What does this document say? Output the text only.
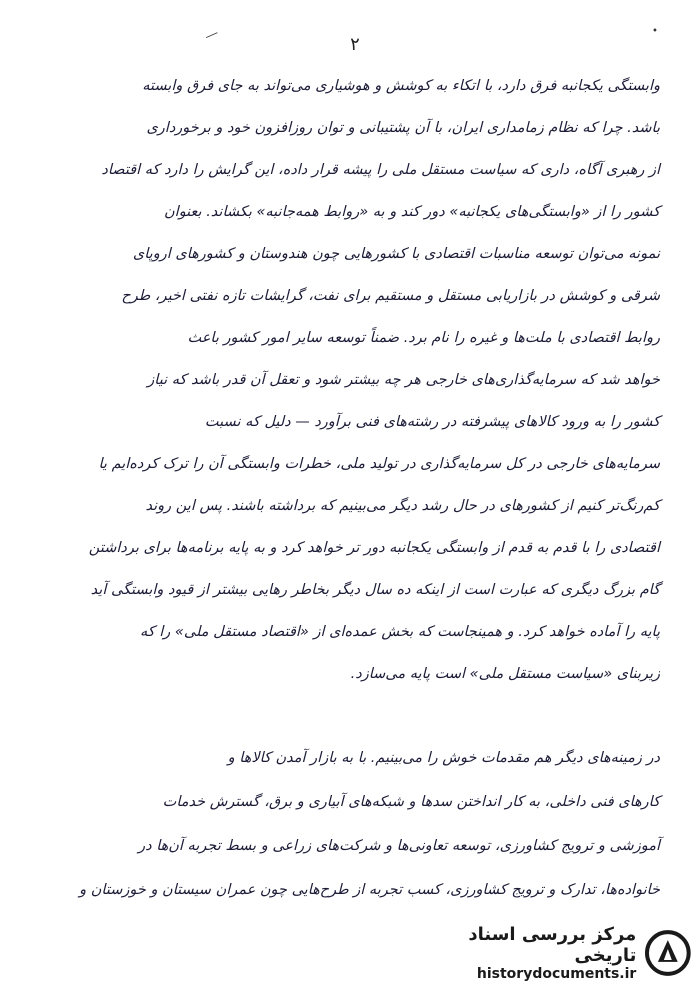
⁄	•
۲
وابستگی یکجانبه فرق دارد، با اتکاء به کوشش و هوشیاری می‌تواند به جای فرق وابسته
باشد. چرا که نظام زمامداری ایران، با آن پشتیبانی و توان روزافزون خود و برخورداری
از رهبری آگاه، داری که سیاست مستقل ملی را پیشه قرار داده، این گرایش را دارد که اقتصاد
کشور را از «وابستگی‌های یکجانبه» دور کند و به «روابط همه‌جانبه» بکشاند. بعنوان
نمونه می‌توان توسعه مناسبات اقتصادی با کشورهایی چون هندوستان و کشورهای اروپای
شرقی و کوشش در بازاریابی مستقل و مستقیم برای نفت، گرایشات تازه نفتی اخیر، طرح
روابط اقتصادی با ملت‌ها و غیره را نام برد. ضمناً توسعه سایر امور کشور باعث
خواهد شد که سرمایه‌گذاری‌های خارجی هر چه بیشتر شود و تعقل آن قدر باشد که نیاز
کشور را به ورود کالاهای پیشرفته در رشته‌های فنی برآورد — دلیل که نسبت
سرمایه‌های خارجی در کل سرمایه‌گذاری در تولید ملی، خطرات وابستگی آن را ترک کرده‌ایم یا
کم‌رنگ‌تر کنیم از کشورهای در حال رشد دیگر می‌بینیم که برداشته باشند. پس این روند
اقتصادی را با قدم به قدم از وابستگی یکجانبه دور تر خواهد کرد و به پایه برنامه‌ها برای برداشتن
گام بزرگ دیگری که عبارت است از اینکه ده سال دیگر بخاطر رهایی بیشتر از قیود وابستگی آید
پایه را آماده خواهد کرد. و همینجاست که بخش عمده‌ای از «اقتصاد مستقل ملی» را که
زیربنای «سیاست مستقل ملی» است پایه می‌سازد.
در زمینه‌های دیگر هم مقدمات خوش را می‌بینیم. با به بازار آمدن کالاها و
کارهای فنی داخلی، به کار انداختن سدها و شبکه‌های آبیاری و برق، گسترش خدمات
آموزشی و ترویج کشاورزی، توسعه تعاونی‌ها و شرکت‌های زراعی و بسط تجربه آن‌ها در
خانواده‌ها، تدارک و ترویج کشاورزی، کسب تجربه از طرح‌هایی چون عمران سیستان و خوزستان و
مرکز بررسی اسناد تاریخی
historydocuments.ir
